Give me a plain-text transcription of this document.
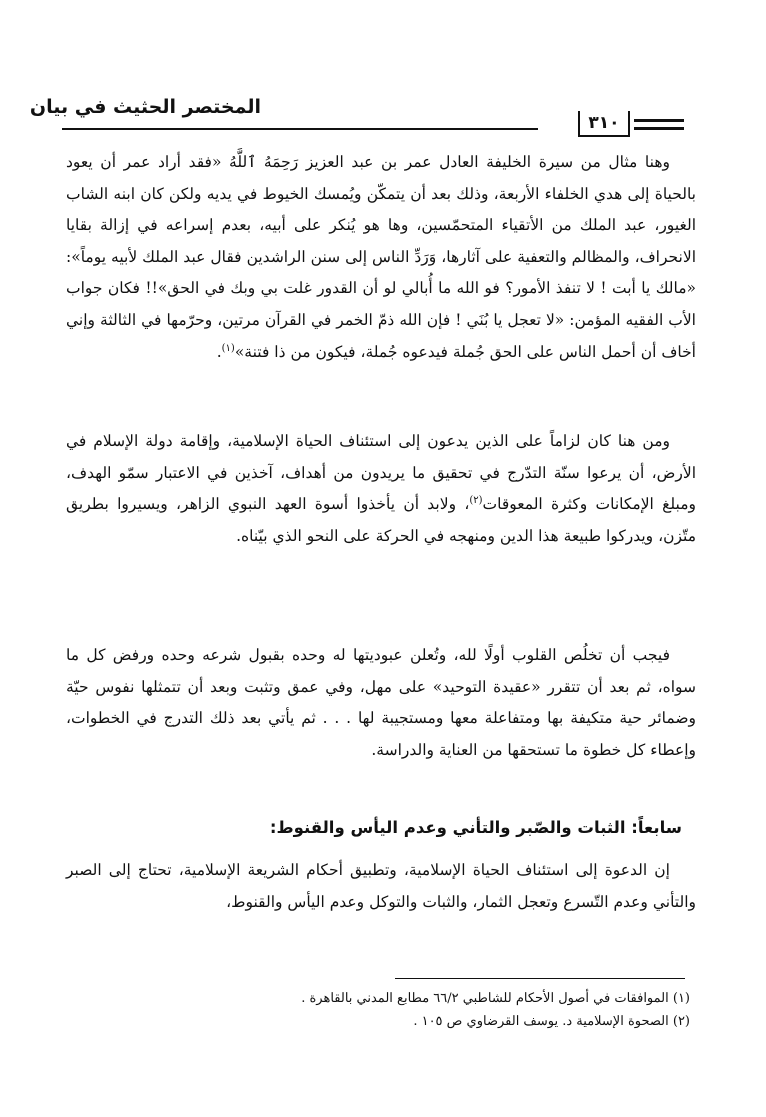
المختصر الحثيث في بيان
٣١٠

وهنا مثال من سيرة الخليفة العادل عمر بن عبد العزيز رَحِمَهُ ٱللَّهُ «فقد أراد عمر أن يعود بالحياة إلى هدي الخلفاء الأربعة، وذلك بعد أن يتمكّن ويُمسك الخيوط في يديه ولكن كان ابنه الشاب الغيور، عبد الملك من الأتقياء المتحمّسين، وها هو يُنكر على أبيه، بعدم إسراعه في إزالة بقايا الانحراف، والمظالم والتعفية على آثارها، وَرَدِّ الناس إلى سنن الراشدين فقال عبد الملك لأبيه يوماً»: «مالك يا أبت ! لا تنفذ الأمور؟ فو الله ما أُبالي لو أن القدور غلت بي وبك في الحق»!! فكان جواب الأب الفقيه المؤمن: «لا تعجل يا بُنَي ! فإن الله ذمّ الخمر في القرآن مرتين، وحرّمها في الثالثة وإني أخاف أن أحمل الناس على الحق جُملة فيدعوه جُملة، فيكون من ذا فتنة»$^{(١)}$.

ومن هنا كان لزاماً على الذين يدعون إلى استئناف الحياة الإسلامية، وإقامة دولة الإسلام في الأرض، أن يرعوا سنّة التدّرج في تحقيق ما يريدون من أهداف، آخذين في الاعتبار سمّو الهدف، ومبلغ الإمكانات وكثرة المعوقات$^{(٢)}$، ولابد أن يأخذوا أسوة العهد النبوي الزاهر، ويسيروا بطريق متّزن، ويدركوا طبيعة هذا الدين ومنهجه في الحركة على النحو الذي بيّناه.

فيجب أن تخلُص القلوب أولًا لله، وتُعلن عبوديتها له وحده بقبول شرعه وحده ورفض كل ما سواه، ثم بعد أن تتقرر «عقيدة التوحيد» على مهل، وفي عمق وتثبت وبعد أن تتمثلها نفوس حيّة وضمائر حية متكيفة بها ومتفاعلة معها ومستجيبة لها . . . ثم يأتي بعد ذلك التدرج في الخطوات، وإعطاء كل خطوة ما تستحقها من العناية والدراسة.

سابعاً: الثبات والصّبر والتأني وعدم اليأس والقنوط:

إن الدعوة إلى استئناف الحياة الإسلامية، وتطبيق أحكام الشريعة الإسلامية، تحتاج إلى الصبر والتأني وعدم التّسرع وتعجل الثمار، والثبات والتوكل وعدم اليأس والقنوط،

(١) الموافقات في أصول الأحكام للشاطبي ٦٦/٢ مطابع المدني بالقاهرة .
(٢) الصحوة الإسلامية د. يوسف القرضاوي ص ١٠٥ .
